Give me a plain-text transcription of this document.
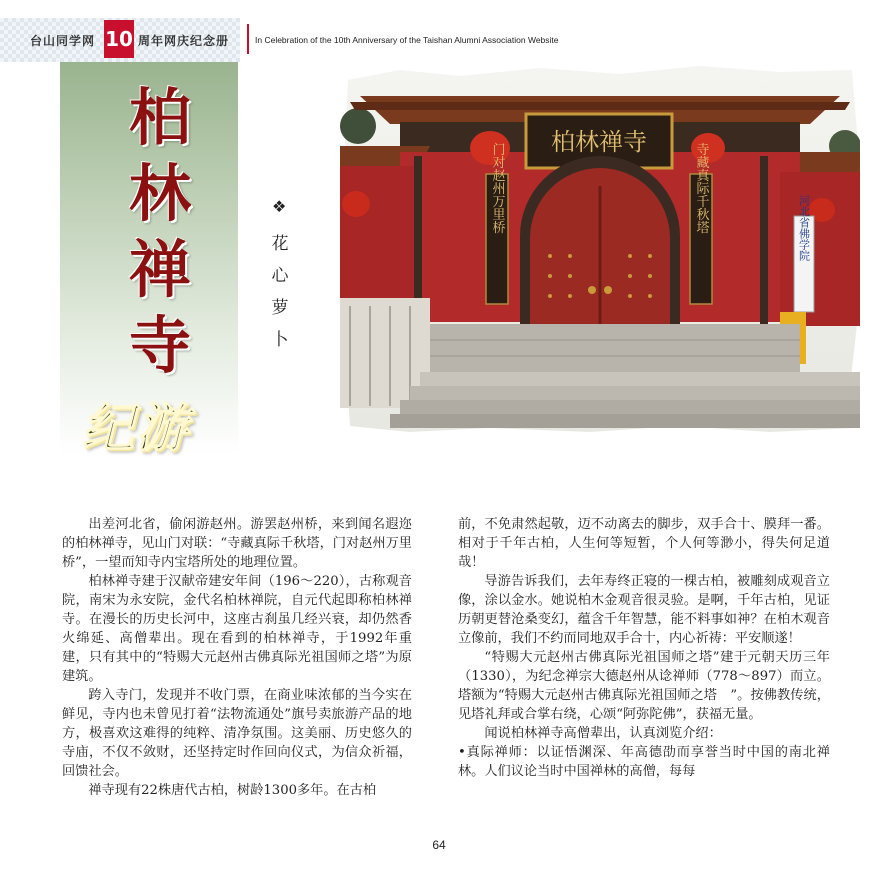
台山同学网 10 周年网庆纪念册	In Celebration of the 10th Anniversary of the Taishan Alumni Association Website
柏
林
禅
寺
纪游
❖
花
心
萝
卜
柏林禅寺
门对赵州万里桥	寺藏真际千秋塔	河北省佛学院

出差河北省，偷闲游赵州。游罢赵州桥，来到闻名遐迩的柏林禅寺，见山门对联：“寺藏真际千秋塔，门对赵州万里桥”，一望而知寺内宝塔所处的地理位置。

柏林禅寺建于汉献帝建安年间（196～220），古称观音院，南宋为永安院，金代名柏林禅院，自元代起即称柏林禅寺。在漫长的历史长河中，这座古刹虽几经兴衰，却仍然香火绵延、高僧辈出。现在看到的柏林禅寺，于1992年重建，只有其中的“特赐大元赵州古佛真际光祖国师之塔”为原建筑。

跨入寺门，发现并不收门票，在商业味浓郁的当今实在鲜见，寺内也未曾见打着“法物流通处”旗号卖旅游产品的地方，极喜欢这难得的纯粹、清净氛围。这美丽、历史悠久的寺庙，不仅不敛财，还坚持定时作回向仪式，为信众祈福，回馈社会。

禅寺现有22株唐代古柏，树龄1300多年。在古柏

前，不免肃然起敬，迈不动离去的脚步，双手合十、膜拜一番。相对于千年古柏，人生何等短暂，个人何等渺小，得失何足道哉！

导游告诉我们，去年寿终正寝的一棵古柏，被雕刻成观音立像，涂以金水。她说柏木金观音很灵验。是啊，千年古柏，见证历朝更替沧桑变幻，蕴含千年智慧，能不料事如神？在柏木观音立像前，我们不约而同地双手合十，内心祈祷：平安顺遂！

“特赐大元赵州古佛真际光祖国师之塔”建于元朝天历三年（1330），为纪念禅宗大德赵州从谂禅师（778～897）而立。塔额为“特赐大元赵州古佛真际光祖国师之塔　”。按佛教传统，见塔礼拜或合掌右绕，心颂“阿弥陀佛”，获福无量。

闻说柏林禅寺高僧辈出，认真浏览介绍：

•真际禅师：以证悟渊深、年高德劭而享誉当时中国的南北禅林。人们议论当时中国禅林的高僧，每每

64
